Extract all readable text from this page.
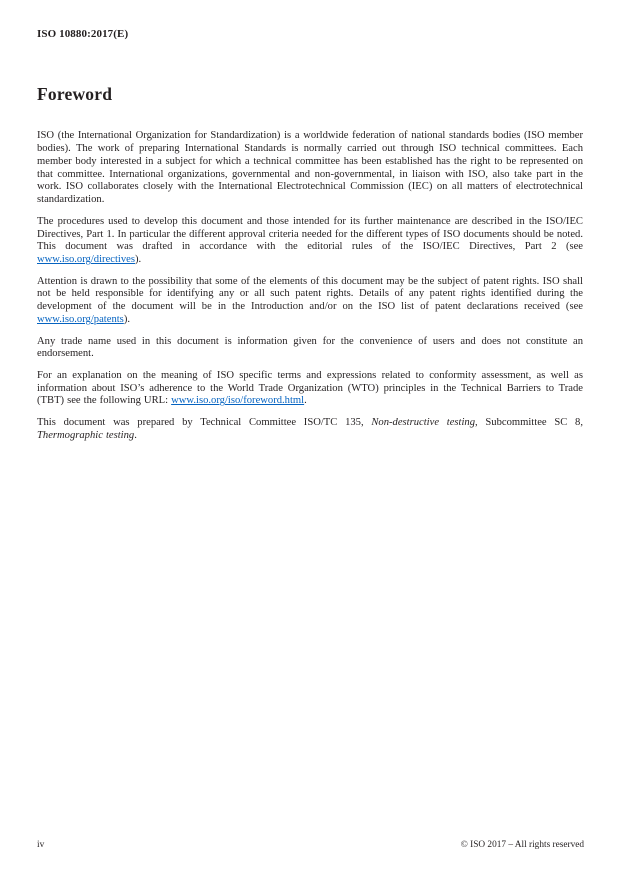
ISO 10880:2017(E)
Foreword

ISO (the International Organization for Standardization) is a worldwide federation of national standards bodies (ISO member bodies). The work of preparing International Standards is normally carried out through ISO technical committees. Each member body interested in a subject for which a technical committee has been established has the right to be represented on that committee. International organizations, governmental and non-governmental, in liaison with ISO, also take part in the work. ISO collaborates closely with the International Electrotechnical Commission (IEC) on all matters of electrotechnical standardization.

The procedures used to develop this document and those intended for its further maintenance are described in the ISO/IEC Directives, Part 1. In particular the different approval criteria needed for the different types of ISO documents should be noted. This document was drafted in accordance with the editorial rules of the ISO/IEC Directives, Part 2 (see www.iso.org/directives).

Attention is drawn to the possibility that some of the elements of this document may be the subject of patent rights. ISO shall not be held responsible for identifying any or all such patent rights. Details of any patent rights identified during the development of the document will be in the Introduction and/or on the ISO list of patent declarations received (see www.iso.org/patents).

Any trade name used in this document is information given for the convenience of users and does not constitute an endorsement.

For an explanation on the meaning of ISO specific terms and expressions related to conformity assessment, as well as information about ISO’s adherence to the World Trade Organization (WTO) principles in the Technical Barriers to Trade (TBT) see the following URL: www.iso.org/iso/foreword.html.

This document was prepared by Technical Committee ISO/TC 135, Non-destructive testing, Subcommittee SC 8, Thermographic testing.

iv	© ISO 2017 – All rights reserved
